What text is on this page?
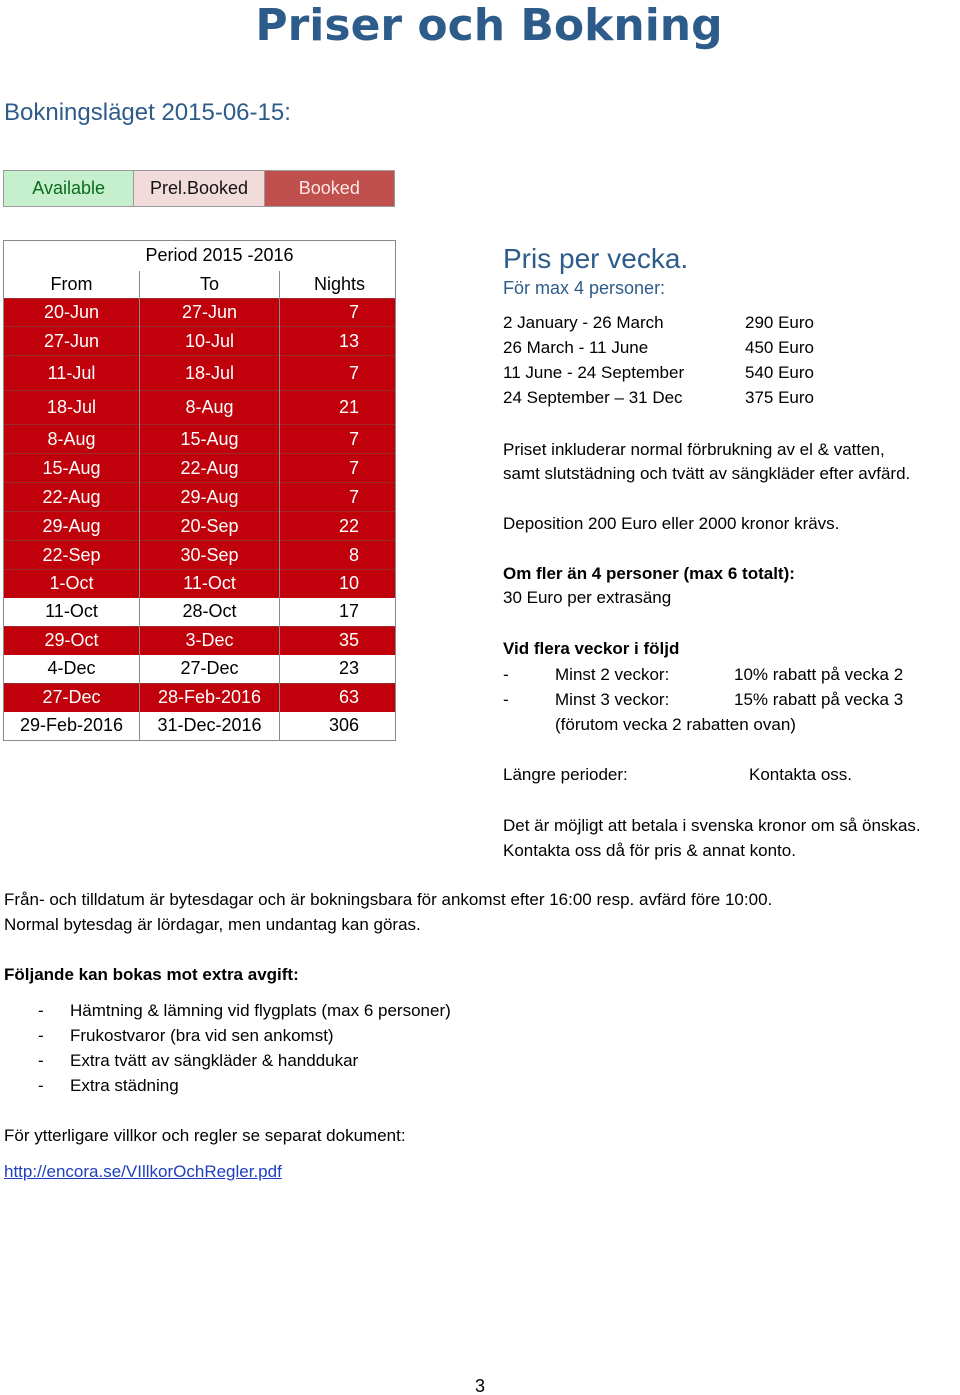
Priser och Bokning
Bokningsläget 2015-06-15:
Available	Prel.Booked	Booked
Period 2015 -2016		
From	To	Nights
20-Jun	27-Jun	7
27-Jun	10-Jul	13
11-Jul	18-Jul	7
18-Jul	8-Aug	21
8-Aug	15-Aug	7
15-Aug	22-Aug	7
22-Aug	29-Aug	7
29-Aug	20-Sep	22
22-Sep	30-Sep	8
1-Oct	11-Oct	10
11-Oct	28-Oct	17
29-Oct	3-Dec	35
4-Dec	27-Dec	23
27-Dec	28-Feb-2016	63
29-Feb-2016	31-Dec-2016	306
Pris per vecka.
För max 4 personer:
2 January - 26 March	290 Euro
26 March - 11 June	450 Euro
11 June - 24 September	540 Euro
24 September – 31 Dec	375 Euro
Priset inkluderar normal förbrukning av el & vatten,
samt slutstädning och tvätt av sängkläder efter avfärd.
Deposition 200 Euro eller 2000 kronor krävs.
Om fler än 4 personer (max 6 totalt):
30 Euro per extrasäng
Vid flera veckor i följd
-	Minst 2 veckor:	10% rabatt på vecka 2
-	Minst 3 veckor:	15% rabatt på vecka 3
(förutom vecka 2 rabatten ovan)
Längre perioder:	Kontakta oss.
Det är möjligt att betala i svenska kronor om så önskas.
Kontakta oss då för pris & annat konto.
Från- och tilldatum är bytesdagar och är bokningsbara för ankomst efter 16:00 resp. avfärd före 10:00.
Normal bytesdag är lördagar, men undantag kan göras.
Följande kan bokas mot extra avgift:
- Hämtning & lämning vid flygplats (max 6 personer)
- Frukostvaror (bra vid sen ankomst)
- Extra tvätt av sängkläder & handdukar
- Extra städning
För ytterligare villkor och regler se separat dokument:
http://encora.se/VIllkorOchRegler.pdf
3
